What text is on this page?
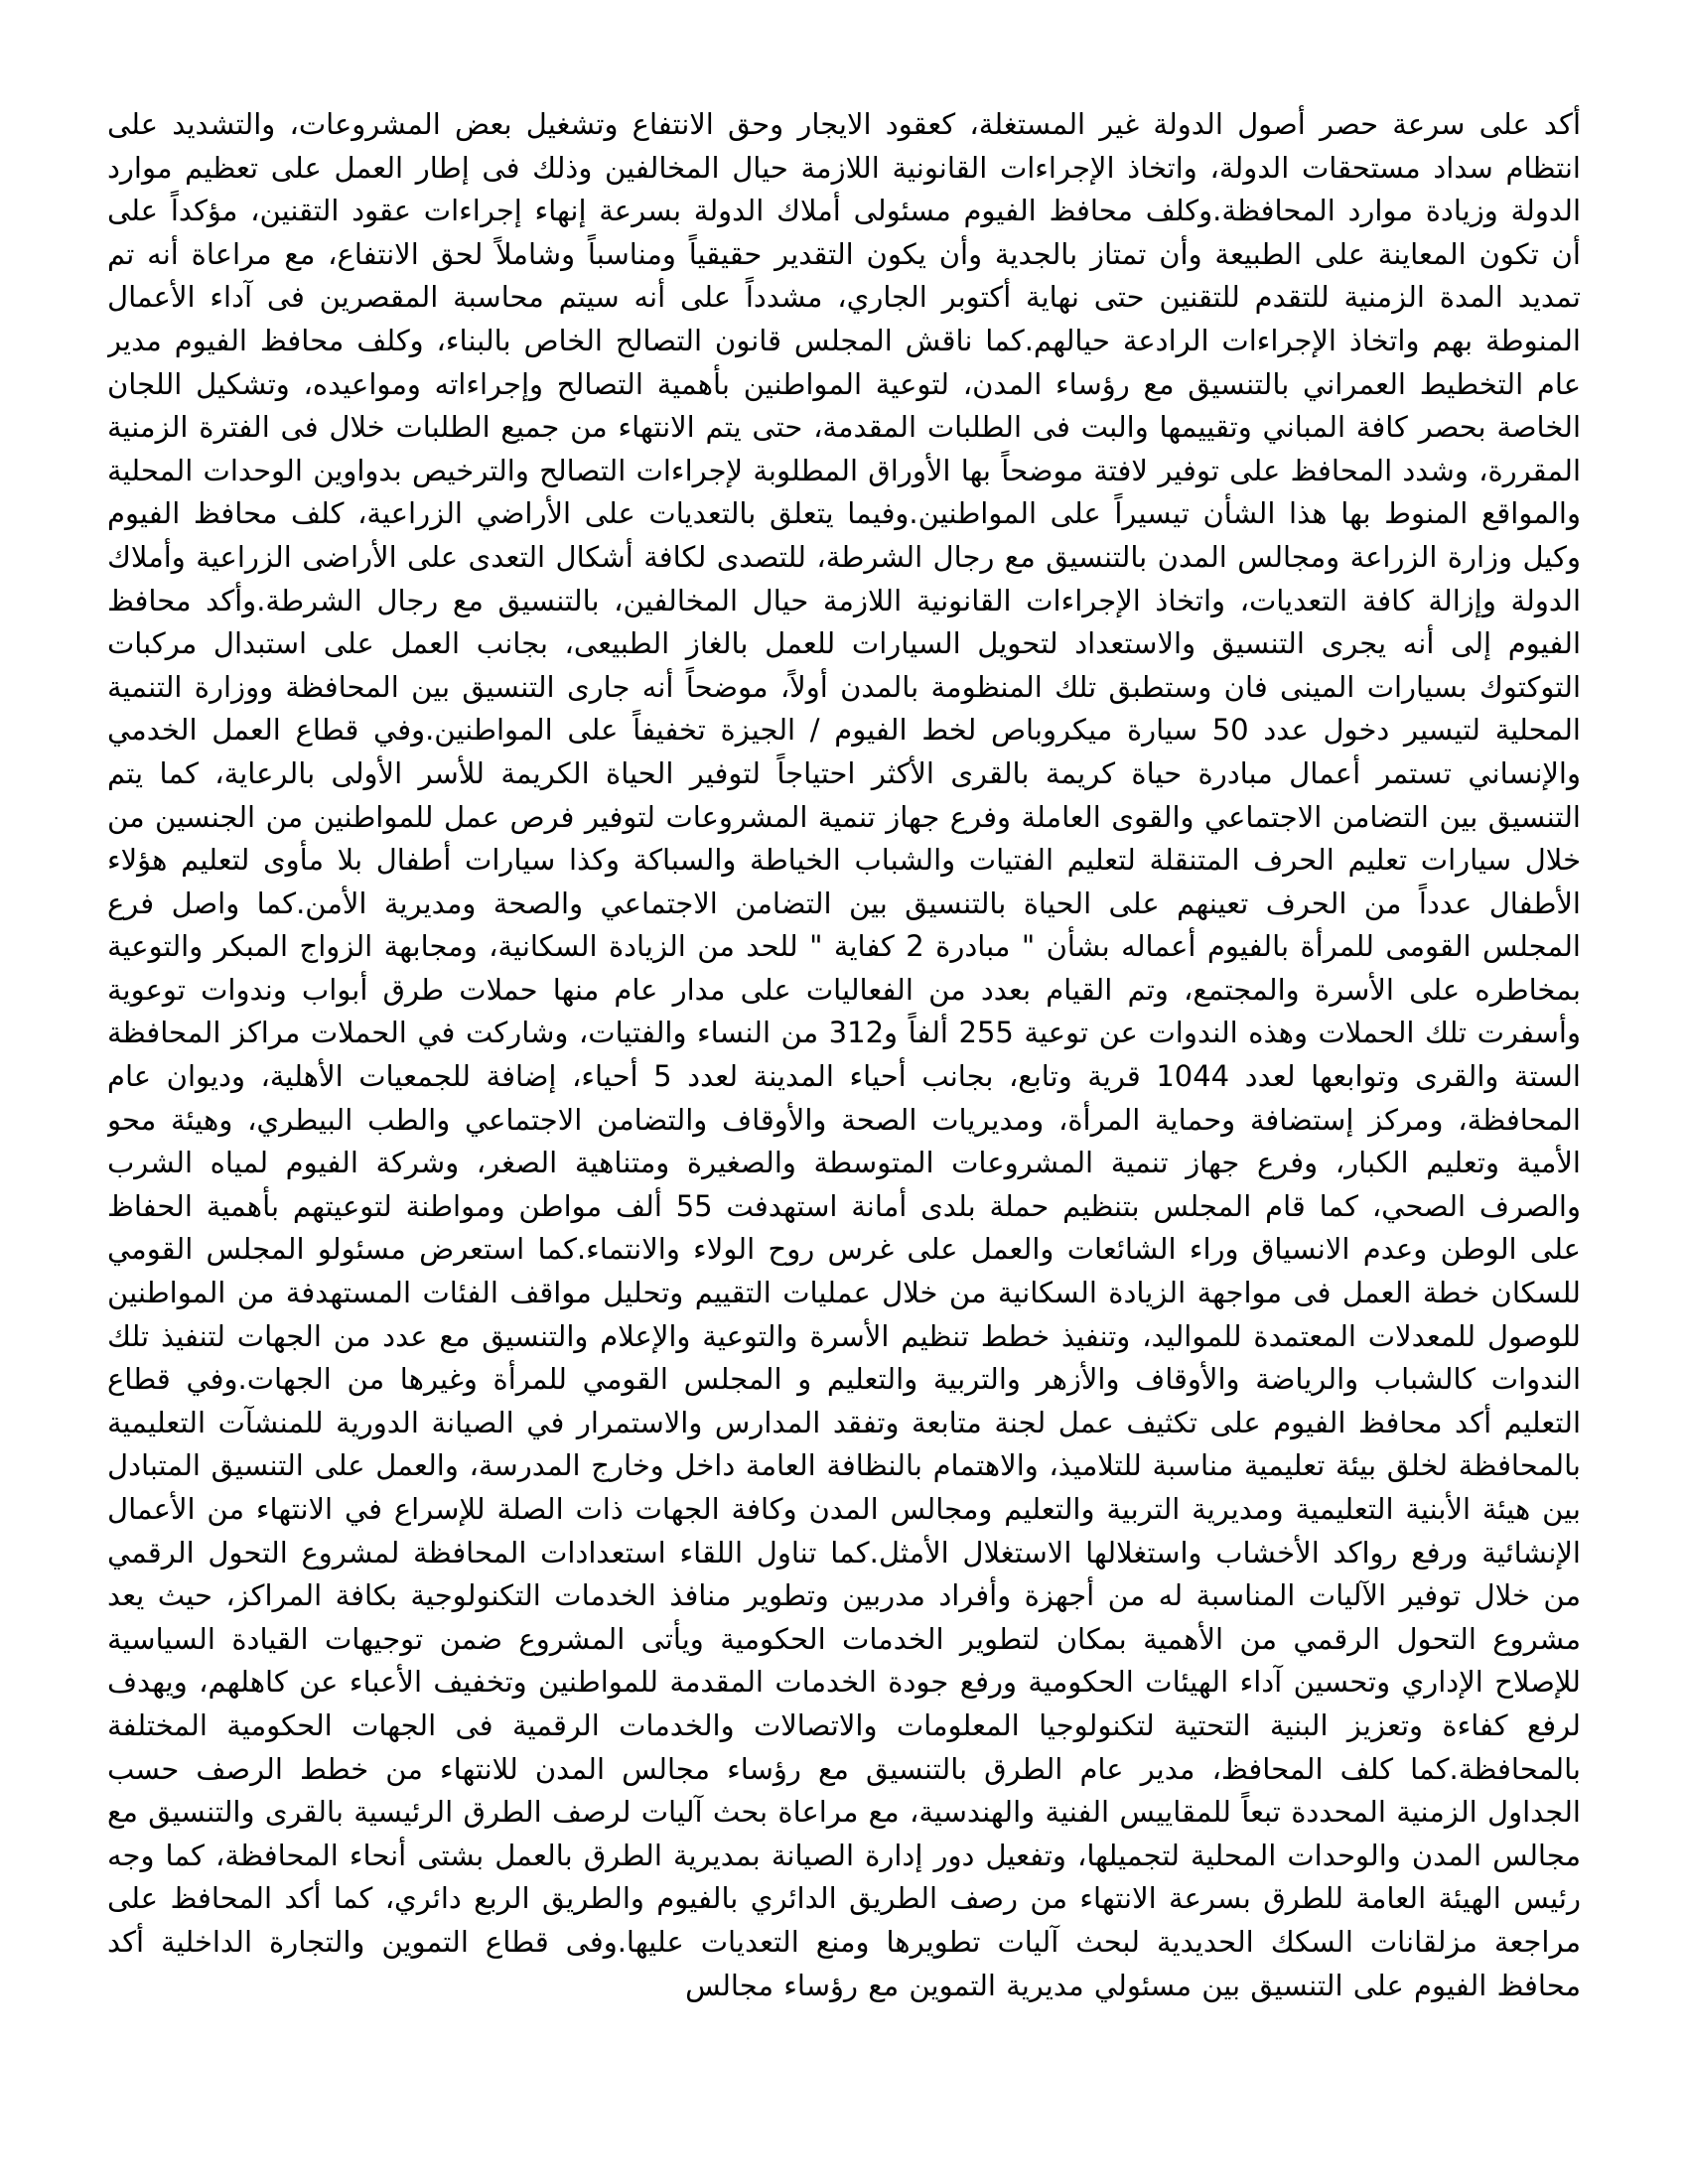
أكد على سرعة حصر أصول الدولة غير المستغلة، كعقود الايجار وحق الانتفاع وتشغيل بعض المشروعات، والتشديد على انتظام سداد مستحقات الدولة، واتخاذ الإجراءات القانونية اللازمة حيال المخالفين وذلك فى إطار العمل على تعظيم موارد الدولة وزيادة موارد المحافظة.وكلف محافظ الفيوم مسئولى أملاك الدولة بسرعة إنهاء إجراءات عقود التقنين، مؤكداً على أن تكون المعاينة على الطبيعة وأن تمتاز بالجدية وأن يكون التقدير حقيقياً ومناسباً وشاملاً لحق الانتفاع، مع مراعاة أنه تم تمديد المدة الزمنية للتقدم للتقنين حتى نهاية أكتوبر الجاري، مشدداً على أنه سيتم محاسبة المقصرين فى آداء الأعمال المنوطة بهم واتخاذ الإجراءات الرادعة حيالهم.كما ناقش المجلس قانون التصالح الخاص بالبناء، وكلف محافظ الفيوم مدير عام التخطيط العمراني بالتنسيق مع رؤساء المدن، لتوعية المواطنين بأهمية التصالح وإجراءاته ومواعيده، وتشكيل اللجان الخاصة بحصر كافة المباني وتقييمها والبت فى الطلبات المقدمة، حتى يتم الانتهاء من جميع الطلبات خلال فى الفترة الزمنية المقررة، وشدد المحافظ على توفير لافتة موضحاً بها الأوراق المطلوبة لإجراءات التصالح والترخيص بدواوين الوحدات المحلية والمواقع المنوط بها هذا الشأن تيسيراً على المواطنين.وفيما يتعلق بالتعديات على الأراضي الزراعية، كلف محافظ الفيوم وكيل وزارة الزراعة ومجالس المدن بالتنسيق مع رجال الشرطة، للتصدى لكافة أشكال التعدى على الأراضى الزراعية وأملاك الدولة وإزالة كافة التعديات، واتخاذ الإجراءات القانونية اللازمة حيال المخالفين، بالتنسيق مع رجال الشرطة.وأكد محافظ الفيوم إلى أنه يجرى التنسيق والاستعداد لتحويل السيارات للعمل بالغاز الطبيعى، بجانب العمل على استبدال مركبات التوكتوك بسيارات المينى فان وستطبق تلك المنظومة بالمدن أولاً، موضحاً أنه جارى التنسيق بين المحافظة ووزارة التنمية المحلية لتيسير دخول عدد 50 سيارة ميكروباص لخط الفيوم / الجيزة تخفيفاً على المواطنين.وفي قطاع العمل الخدمي والإنساني تستمر أعمال مبادرة حياة كريمة بالقرى الأكثر احتياجاً لتوفير الحياة الكريمة للأسر الأولى بالرعاية، كما يتم التنسيق بين التضامن الاجتماعي والقوى العاملة وفرع جهاز تنمية المشروعات لتوفير فرص عمل للمواطنين من الجنسين من خلال سيارات تعليم الحرف المتنقلة لتعليم الفتيات والشباب الخياطة والسباكة وكذا سيارات أطفال بلا مأوى لتعليم هؤلاء الأطفال عدداً من الحرف تعينهم على الحياة بالتنسيق بين التضامن الاجتماعي والصحة ومديرية الأمن.كما واصل فرع المجلس القومى للمرأة بالفيوم أعماله بشأن " مبادرة 2 كفاية " للحد من الزيادة السكانية، ومجابهة الزواج المبكر والتوعية بمخاطره على الأسرة والمجتمع، وتم القيام بعدد من الفعاليات على مدار عام منها حملات طرق أبواب وندوات توعوية وأسفرت تلك الحملات وهذه الندوات عن توعية 255 ألفاً و312 من النساء والفتيات، وشاركت في الحملات مراكز المحافظة الستة والقرى وتوابعها لعدد 1044 قرية وتابع، بجانب أحياء المدينة لعدد 5 أحياء، إضافة للجمعيات الأهلية، وديوان عام المحافظة، ومركز إستضافة وحماية المرأة، ومديريات الصحة والأوقاف والتضامن الاجتماعي والطب البيطري، وهيئة محو الأمية وتعليم الكبار، وفرع جهاز تنمية المشروعات المتوسطة والصغيرة ومتناهية الصغر، وشركة الفيوم لمياه الشرب والصرف الصحي، كما قام المجلس بتنظيم حملة بلدى أمانة استهدفت 55 ألف مواطن ومواطنة لتوعيتهم بأهمية الحفاظ على الوطن وعدم الانسياق وراء الشائعات والعمل على غرس روح الولاء والانتماء.كما استعرض مسئولو المجلس القومي للسكان خطة العمل فى مواجهة الزيادة السكانية من خلال عمليات التقييم وتحليل مواقف الفئات المستهدفة من المواطنين للوصول للمعدلات المعتمدة للمواليد، وتنفيذ خطط تنظيم الأسرة والتوعية والإعلام والتنسيق مع عدد من الجهات لتنفيذ تلك الندوات كالشباب والرياضة والأوقاف والأزهر والتربية والتعليم و المجلس القومي للمرأة وغيرها من الجهات.وفي قطاع التعليم أكد محافظ الفيوم على تكثيف عمل لجنة متابعة وتفقد المدارس والاستمرار في الصيانة الدورية للمنشآت التعليمية بالمحافظة لخلق بيئة تعليمية مناسبة للتلاميذ، والاهتمام بالنظافة العامة داخل وخارج المدرسة، والعمل على التنسيق المتبادل بين هيئة الأبنية التعليمية ومديرية التربية والتعليم ومجالس المدن وكافة الجهات ذات الصلة للإسراع في الانتهاء من الأعمال الإنشائية ورفع رواكد الأخشاب واستغلالها الاستغلال الأمثل.كما تناول اللقاء استعدادات المحافظة لمشروع التحول الرقمي من خلال توفير الآليات المناسبة له من أجهزة وأفراد مدربين وتطوير منافذ الخدمات التكنولوجية بكافة المراكز، حيث يعد مشروع التحول الرقمي من الأهمية بمكان لتطوير الخدمات الحكومية ويأتى المشروع ضمن توجيهات القيادة السياسية للإصلاح الإداري وتحسين آداء الهيئات الحكومية ورفع جودة الخدمات المقدمة للمواطنين وتخفيف الأعباء عن كاهلهم، ويهدف لرفع كفاءة وتعزيز البنية التحتية لتكنولوجيا المعلومات والاتصالات والخدمات الرقمية فى الجهات الحكومية المختلفة بالمحافظة.كما كلف المحافظ، مدير عام الطرق بالتنسيق مع رؤساء مجالس المدن للانتهاء من خطط الرصف حسب الجداول الزمنية المحددة تبعاً للمقاييس الفنية والهندسية، مع مراعاة بحث آليات لرصف الطرق الرئيسية بالقرى والتنسيق مع مجالس المدن والوحدات المحلية لتجميلها، وتفعيل دور إدارة الصيانة بمديرية الطرق بالعمل بشتى أنحاء المحافظة، كما وجه رئيس الهيئة العامة للطرق بسرعة الانتهاء من رصف الطريق الدائري بالفيوم والطريق الربع دائري، كما أكد المحافظ على مراجعة مزلقانات السكك الحديدية لبحث آليات تطويرها ومنع التعديات عليها.وفى قطاع التموين والتجارة الداخلية أكد محافظ الفيوم على التنسيق بين مسئولي مديرية التموين مع رؤساء مجالس
